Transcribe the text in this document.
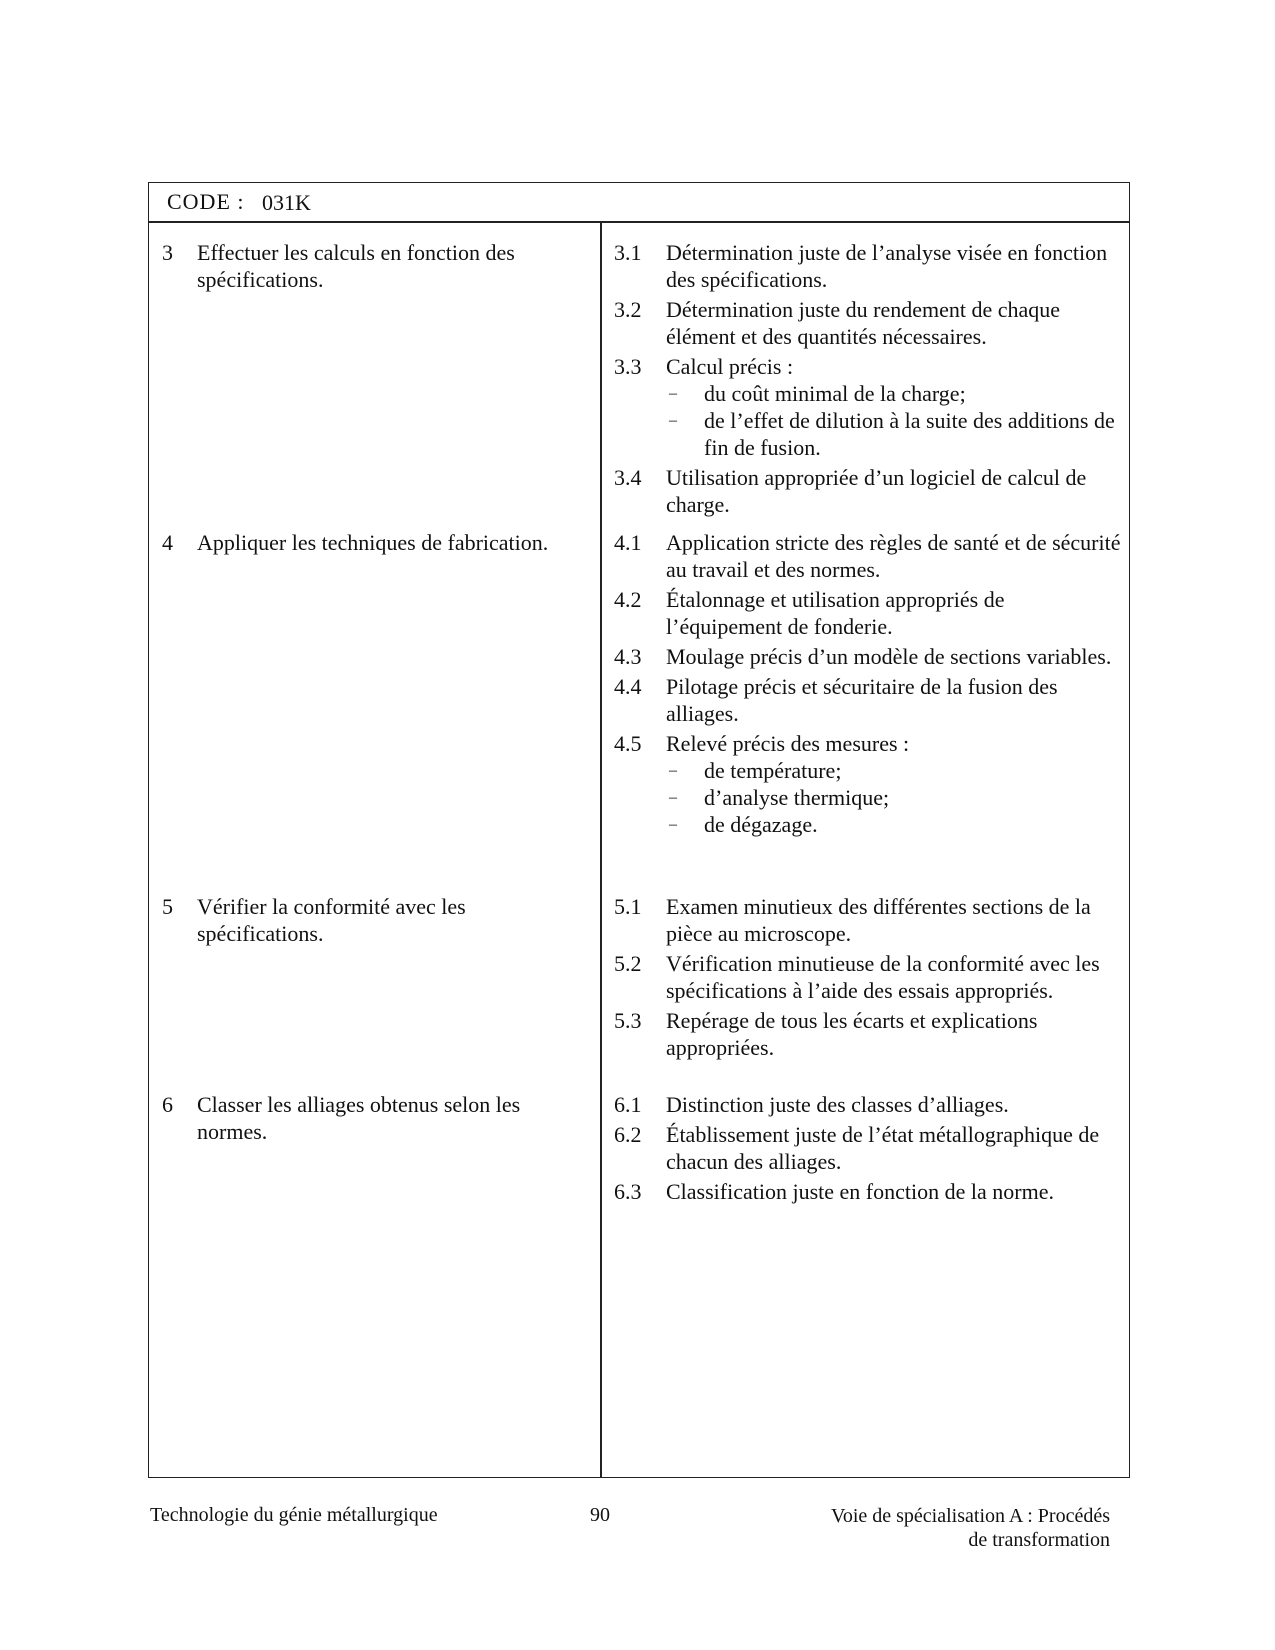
CODE : 031K
3 Effectuer les calculs en fonction des spécifications.
3.1 Détermination juste de l’analyse visée en fonction des spécifications.
3.2 Détermination juste du rendement de chaque élément et des quantités nécessaires.
3.3 Calcul précis :
– du coût minimal de la charge;
– de l’effet de dilution à la suite des additions de fin de fusion.
3.4 Utilisation appropriée d’un logiciel de calcul de charge.
4 Appliquer les techniques de fabrication.	4.1 Application stricte des règles de santé et de sécurité au travail et des normes.
4.2 Étalonnage et utilisation appropriés de l’équipement de fonderie.
4.3 Moulage précis d’un modèle de sections variables.
4.4 Pilotage précis et sécuritaire de la fusion des alliages.
4.5 Relevé précis des mesures :
– de température;
– d’analyse thermique;
– de dégazage.
5 Vérifier la conformité avec les spécifications.
5.1 Examen minutieux des différentes sections de la pièce au microscope.
5.2 Vérification minutieuse de la conformité avec les spécifications à l’aide des essais appropriés.
5.3 Repérage de tous les écarts et explications appropriées.
6 Classer les alliages obtenus selon les normes.
6.1 Distinction juste des classes d’alliages.
6.2 Établissement juste de l’état métallographique de chacun des alliages.
6.3 Classification juste en fonction de la norme.
Technologie du génie métallurgique	90	Voie de spécialisation A : Procédés
de transformation
